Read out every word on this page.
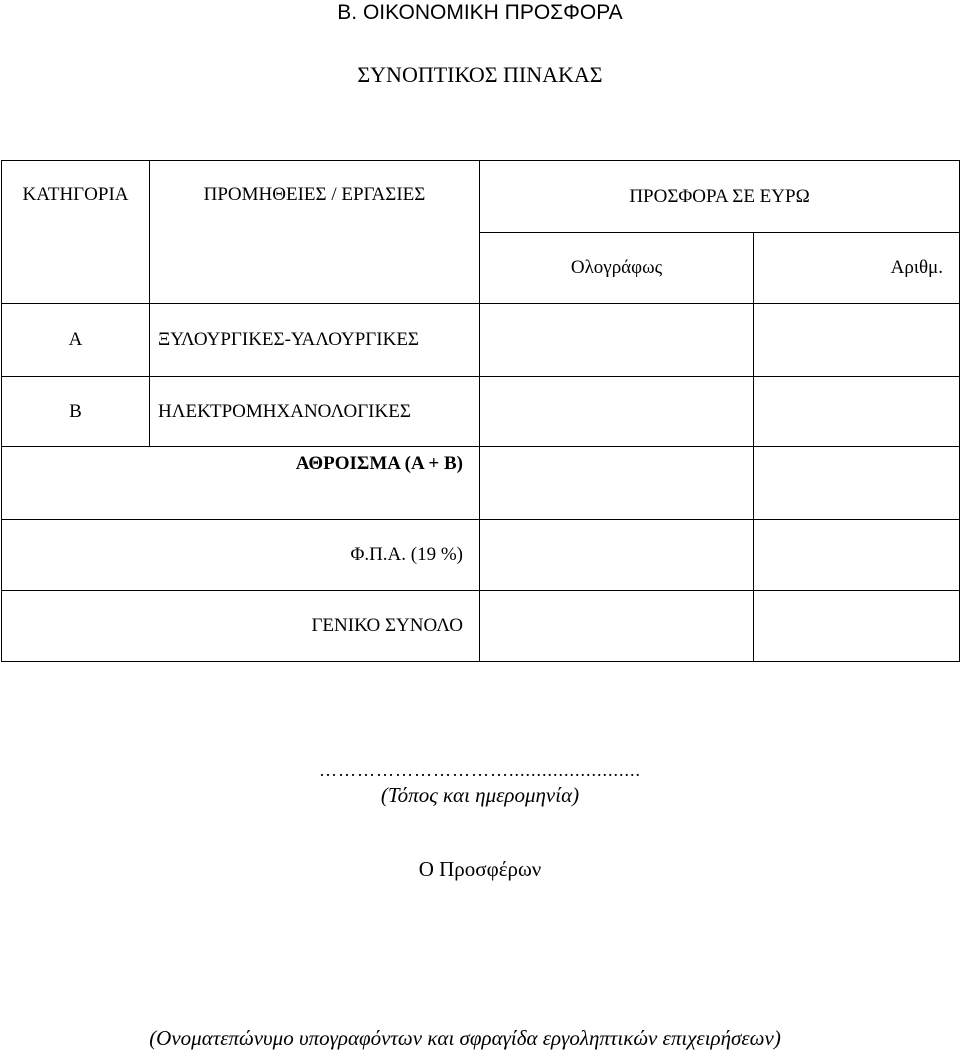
Β. ΟΙΚΟΝΟΜΙΚΗ ΠΡΟΣΦΟΡΑ
ΣΥΝΟΠΤΙΚΟΣ ΠΙΝΑΚΑΣ
ΚΑΤΗΓΟΡΙΑ	ΠΡΟΜΗΘΕΙΕΣ / ΕΡΓΑΣΙΕΣ	ΠΡΟΣΦΟΡΑ ΣΕ ΕΥΡΩ	
		Ολογράφως	Αριθμ.
Α	ΞΥΛΟΥΡΓΙΚΕΣ-ΥΑΛΟΥΡΓΙΚΕΣ		
Β	ΗΛΕΚΤΡΟΜΗΧΑΝΟΛΟΓΙΚΕΣ		
ΑΘΡΟΙΣΜΑ (Α + Β)			
Φ.Π.Α. (19 %)			
ΓΕΝΙΚΟ ΣΥΝΟΛΟ			
…………………………........................
(Τόπος και ημερομηνία)
Ο Προσφέρων
(Ονοματεπώνυμο υπογραφόντων και σφραγίδα εργοληπτικών επιχειρήσεων)
